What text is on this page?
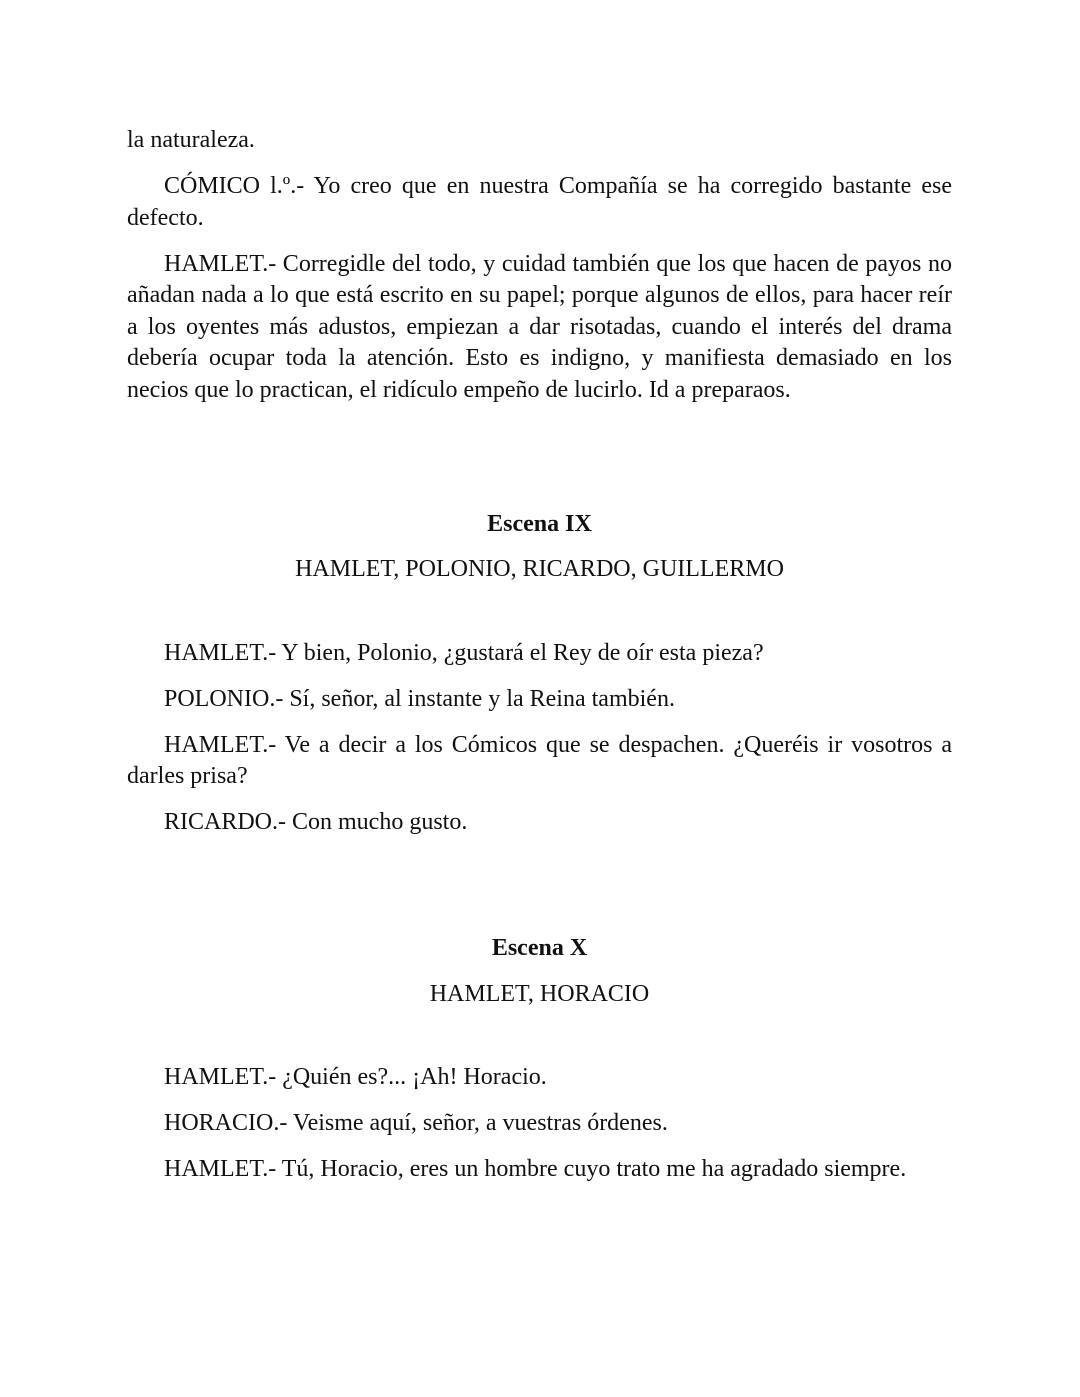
la naturaleza.

CÓMICO l.º.- Yo creo que en nuestra Compañía se ha corregido bastante ese defecto.

HAMLET.- Corregidle del todo, y cuidad también que los que hacen de payos no añadan nada a lo que está escrito en su papel; porque algunos de ellos, para hacer reír a los oyentes más adustos, empiezan a dar risotadas, cuando el interés del drama debería ocupar toda la atención. Esto es indigno, y manifiesta demasiado en los necios que lo practican, el ridículo empeño de lucirlo. Id a preparaos.

Escena IX

HAMLET, POLONIO, RICARDO, GUILLERMO

HAMLET.- Y bien, Polonio, ¿gustará el Rey de oír esta pieza?

POLONIO.- Sí, señor, al instante y la Reina también.

HAMLET.- Ve a decir a los Cómicos que se despachen. ¿Queréis ir vosotros a darles prisa?

RICARDO.- Con mucho gusto.

Escena X

HAMLET, HORACIO

HAMLET.- ¿Quién es?... ¡Ah! Horacio.

HORACIO.- Veisme aquí, señor, a vuestras órdenes.

HAMLET.- Tú, Horacio, eres un hombre cuyo trato me ha agradado siempre.
